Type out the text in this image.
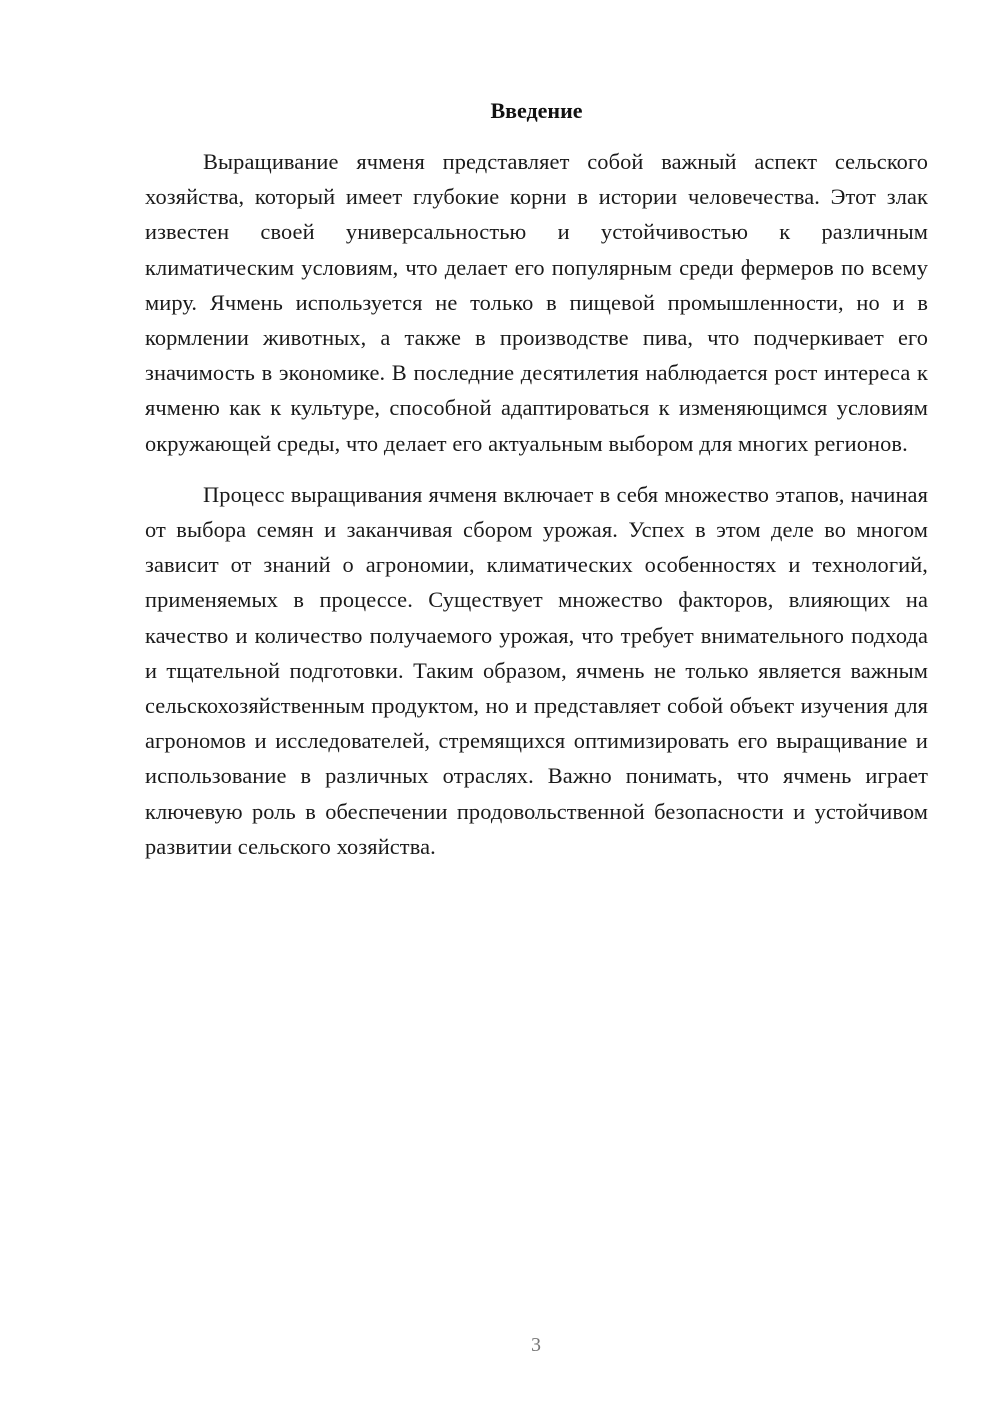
Введение

Выращивание ячменя представляет собой важный аспект сельского хозяйства, который имеет глубокие корни в истории человечества. Этот злак известен своей универсальностью и устойчивостью к различным климатическим условиям, что делает его популярным среди фермеров по всему миру. Ячмень используется не только в пищевой промышленности, но и в кормлении животных, а также в производстве пива, что подчеркивает его значимость в экономике. В последние десятилетия наблюдается рост интереса к ячменю как к культуре, способной адаптироваться к изменяющимся условиям окружающей среды, что делает его актуальным выбором для многих регионов.

Процесс выращивания ячменя включает в себя множество этапов, начиная от выбора семян и заканчивая сбором урожая. Успех в этом деле во многом зависит от знаний о агрономии, климатических особенностях и технологий, применяемых в процессе. Существует множество факторов, влияющих на качество и количество получаемого урожая, что требует внимательного подхода и тщательной подготовки. Таким образом, ячмень не только является важным сельскохозяйственным продуктом, но и представляет собой объект изучения для агрономов и исследователей, стремящихся оптимизировать его выращивание и использование в различных отраслях. Важно понимать, что ячмень играет ключевую роль в обеспечении продовольственной безопасности и устойчивом развитии сельского хозяйства.

3
